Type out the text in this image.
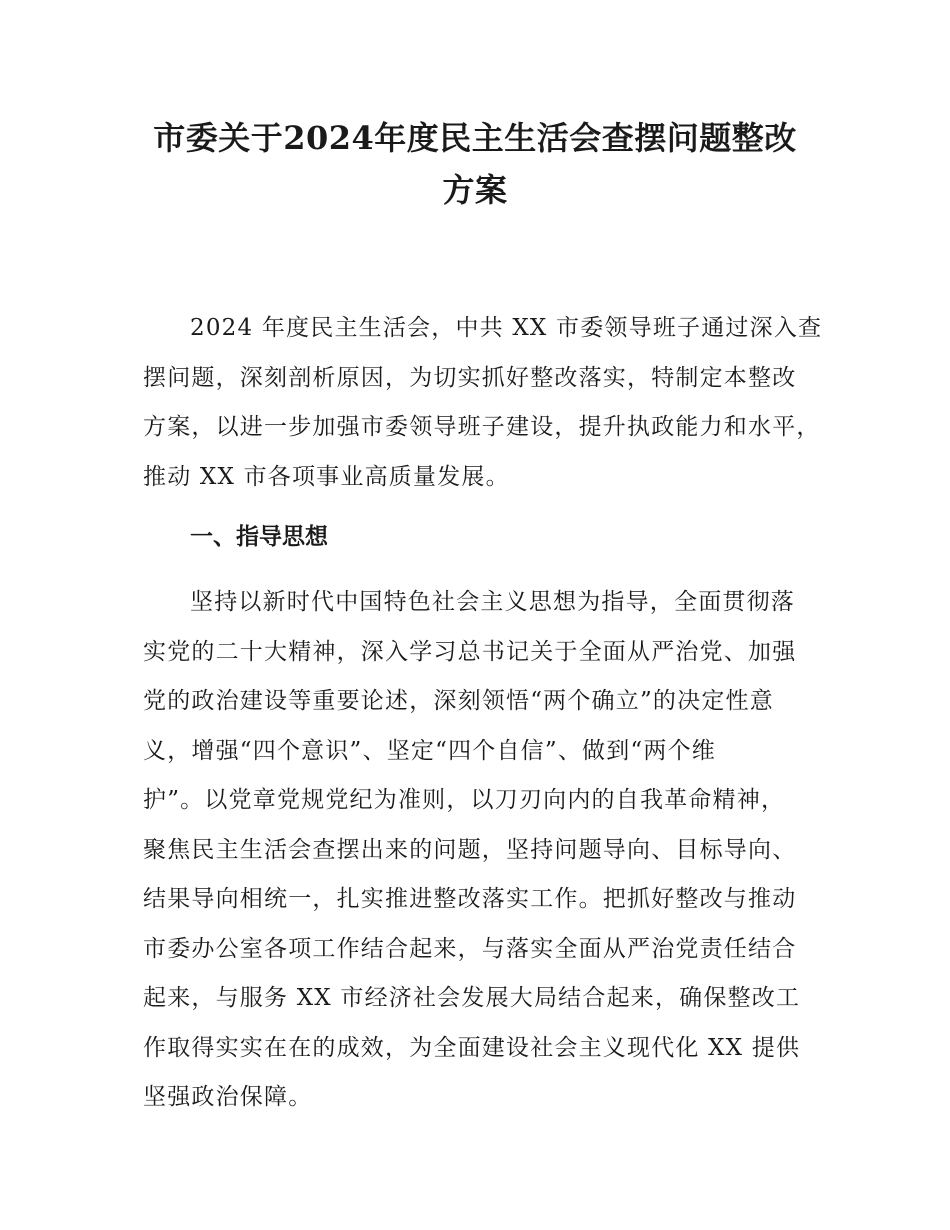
市委关于2024年度民主生活会查摆问题整改
方案
2024 年度民主生活会，中共 XX 市委领导班子通过深入查
摆问题，深刻剖析原因，为切实抓好整改落实，特制定本整改
方案，以进一步加强市委领导班子建设，提升执政能力和水平，
推动 XX 市各项事业高质量发展。
一、指导思想
坚持以新时代中国特色社会主义思想为指导，全面贯彻落
实党的二十大精神，深入学习总书记关于全面从严治党、加强
党的政治建设等重要论述，深刻领悟“两个确立”的决定性意
义，增强“四个意识”、坚定“四个自信”、做到“两个维
护”。以党章党规党纪为准则，以刀刃向内的自我革命精神，
聚焦民主生活会查摆出来的问题，坚持问题导向、目标导向、
结果导向相统一，扎实推进整改落实工作。把抓好整改与推动
市委办公室各项工作结合起来，与落实全面从严治党责任结合
起来，与服务 XX 市经济社会发展大局结合起来，确保整改工
作取得实实在在的成效，为全面建设社会主义现代化 XX 提供
坚强政治保障。
